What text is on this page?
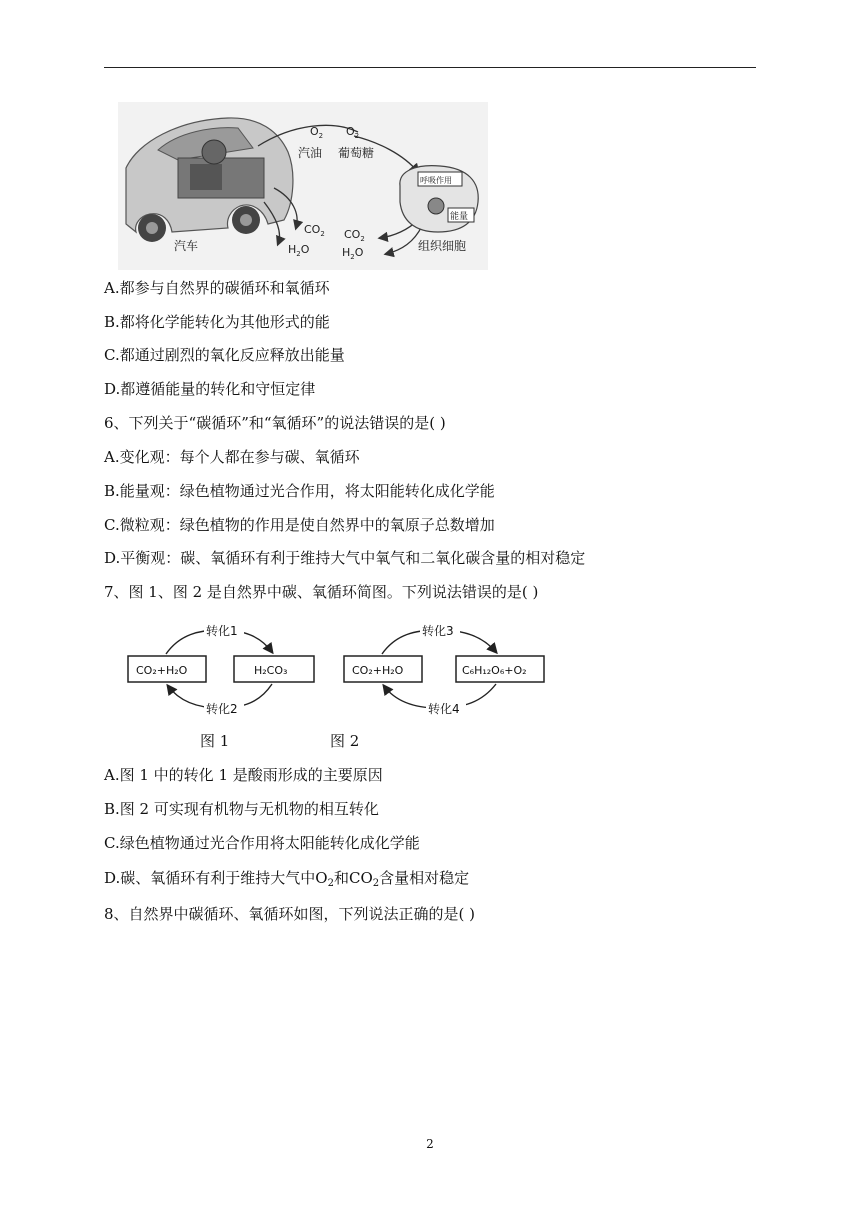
汽车
$O_2$ $O_2$
汽油 葡萄糖
$CO_2$
$H_2O$
$CO_2$
$H_2O$
呼吸作用
能量
组织细胞
A.都参与自然界的碳循环和氧循环
B.都将化学能转化为其他形式的能
C.都通过剧烈的氧化反应释放出能量
D.都遵循能量的转化和守恒定律
6、下列关于“碳循环”和“氧循环”的说法错误的是( )
A.变化观：每个人都在参与碳、氧循环
B.能量观：绿色植物通过光合作用，将太阳能转化成化学能
C.微粒观：绿色植物的作用是使自然界中的氧原子总数增加
D.平衡观：碳、氧循环有利于维持大气中氧气和二氧化碳含量的相对稳定
7、图 1、图 2 是自然界中碳、氧循环简图。下列说法错误的是( )
转化1
转化2
CO₂+H₂O	H₂CO₃
转化3
转化4
CO₂+H₂O	C₆H₁₂O₆+O₂
图 1	图 2
A.图 1 中的转化 1 是酸雨形成的主要原因
B.图 2 可实现有机物与无机物的相互转化
C.绿色植物通过光合作用将太阳能转化成化学能
D.碳、氧循环有利于维持大气中$O_2$和$CO_2$含量相对稳定
8、自然界中碳循环、氧循环如图，下列说法正确的是( )
2
